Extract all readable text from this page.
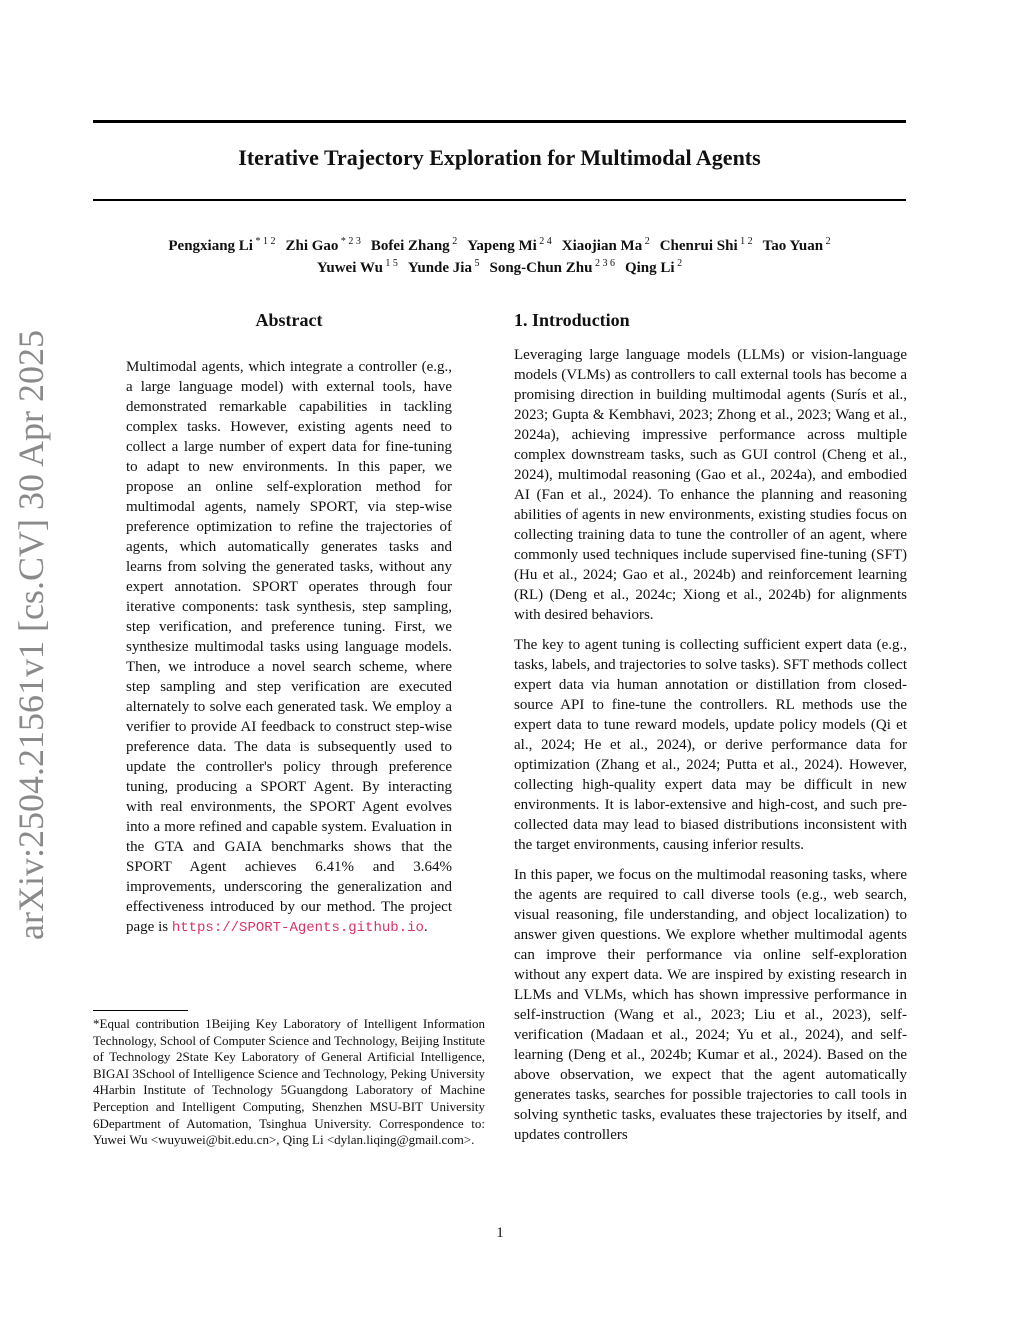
arXiv:2504.21561v1 [cs.CV] 30 Apr 2025
Iterative Trajectory Exploration for Multimodal Agents
Pengxiang Li $^{* 1 2}$ Zhi Gao $^{* 2 3}$ Bofei Zhang $^2$ Yapeng Mi $^{2 4}$ Xiaojian Ma $^2$ Chenrui Shi $^{1 2}$ Tao Yuan $^2$
Yuwei Wu $^{1 5}$ Yunde Jia $^5$ Song-Chun Zhu $^{2 3 6}$ Qing Li $^2$
Abstract

Multimodal agents, which integrate a controller (e.g., a large language model) with external tools, have demonstrated remarkable capabilities in tackling complex tasks. However, existing agents need to collect a large number of expert data for fine-tuning to adapt to new environments. In this paper, we propose an online self-exploration method for multimodal agents, namely SPORT, via step-wise preference optimization to refine the trajectories of agents, which automatically generates tasks and learns from solving the generated tasks, without any expert annotation. SPORT operates through four iterative components: task synthesis, step sampling, step verification, and preference tuning. First, we synthesize multimodal tasks using language models. Then, we introduce a novel search scheme, where step sampling and step verification are executed alternately to solve each generated task. We employ a verifier to provide AI feedback to construct step-wise preference data. The data is subsequently used to update the controller's policy through preference tuning, producing a SPORT Agent. By interacting with real environments, the SPORT Agent evolves into a more refined and capable system. Evaluation in the GTA and GAIA benchmarks shows that the SPORT Agent achieves 6.41% and 3.64% improvements, underscoring the generalization and effectiveness introduced by our method. The project page is https://SPORT-Agents.github.io.

1. Introduction

Leveraging large language models (LLMs) or vision-language models (VLMs) as controllers to call external tools has become a promising direction in building multimodal agents (Surís et al., 2023; Gupta & Kembhavi, 2023; Zhong et al., 2023; Wang et al., 2024a), achieving impressive performance across multiple complex downstream tasks, such as GUI control (Cheng et al., 2024), multimodal reasoning (Gao et al., 2024a), and embodied AI (Fan et al., 2024). To enhance the planning and reasoning abilities of agents in new environments, existing studies focus on collecting training data to tune the controller of an agent, where commonly used techniques include supervised fine-tuning (SFT) (Hu et al., 2024; Gao et al., 2024b) and reinforcement learning (RL) (Deng et al., 2024c; Xiong et al., 2024b) for alignments with desired behaviors.

The key to agent tuning is collecting sufficient expert data (e.g., tasks, labels, and trajectories to solve tasks). SFT methods collect expert data via human annotation or distillation from closed-source API to fine-tune the controllers. RL methods use the expert data to tune reward models, update policy models (Qi et al., 2024; He et al., 2024), or derive performance data for optimization (Zhang et al., 2024; Putta et al., 2024). However, collecting high-quality expert data may be difficult in new environments. It is labor-extensive and high-cost, and such pre-collected data may lead to biased distributions inconsistent with the target environments, causing inferior results.

In this paper, we focus on the multimodal reasoning tasks, where the agents are required to call diverse tools (e.g., web search, visual reasoning, file understanding, and object localization) to answer given questions. We explore whether multimodal agents can improve their performance via online self-exploration without any expert data. We are inspired by existing research in LLMs and VLMs, which has shown impressive performance in self-instruction (Wang et al., 2023; Liu et al., 2023), self-verification (Madaan et al., 2024; Yu et al., 2024), and self-learning (Deng et al., 2024b; Kumar et al., 2024). Based on the above observation, we expect that the agent automatically generates tasks, searches for possible trajectories to call tools in solving synthetic tasks, evaluates these trajectories by itself, and updates controllers

*Equal contribution 1Beijing Key Laboratory of Intelligent Information Technology, School of Computer Science and Technology, Beijing Institute of Technology 2State Key Laboratory of General Artificial Intelligence, BIGAI 3School of Intelligence Science and Technology, Peking University 4Harbin Institute of Technology 5Guangdong Laboratory of Machine Perception and Intelligent Computing, Shenzhen MSU-BIT University 6Department of Automation, Tsinghua University. Correspondence to: Yuwei Wu <wuyuwei@bit.edu.cn>, Qing Li <dylan.liqing@gmail.com>.

1
